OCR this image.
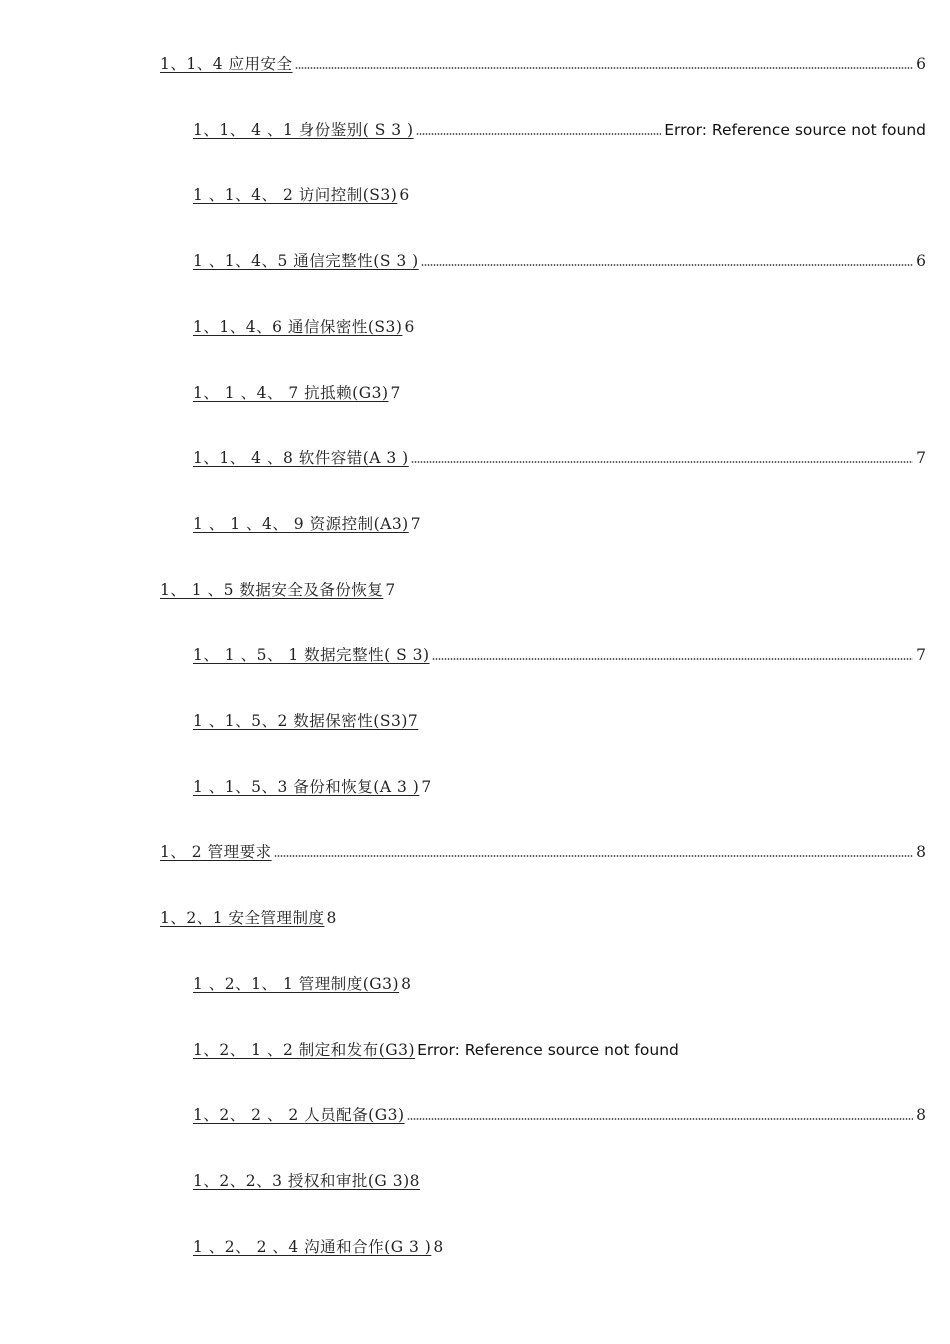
1、1、4 应用安全	6
1、1、 4 、1 身份鉴别( S 3 )	Error: Reference source not found
1 、1、4、 2 访问控制(S3) 6
1 、1、4、5 通信完整性(S 3 )	6
1、1、4、6 通信保密性(S3) 6
1、 1 、4、 7 抗抵赖(G3) 7
1、1、 4 、8 软件容错(A 3 )	7
1 、 1 、4、 9 资源控制(A3) 7
1、 1 、5 数据安全及备份恢复 7
1、 1 、5、 1 数据完整性( S 3)	7
1 、1、5、2 数据保密性(S3)7
1 、1、5、3 备份和恢复(A 3 ) 7
1、 2 管理要求	8
1、2、1 安全管理制度 8
1 、2、1、 1 管理制度(G3) 8
1、2、 1 、2 制定和发布(G3) Error: Reference source not found
1、2、 2 、 2 人员配备(G3)	8
1、2、2、3 授权和审批(G 3)8
1 、2、 2 、4 沟通和合作(G 3 ) 8
